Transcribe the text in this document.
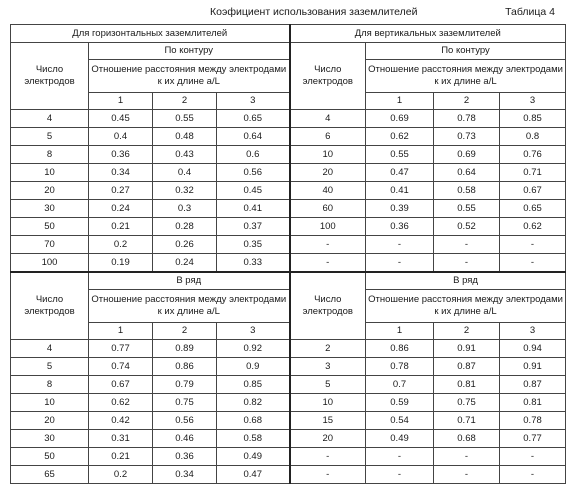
Коэфициент использования заземлителей	Таблица 4
Для горизонтальных заземлителей				Для вертикальных заземлителей			
Число электродов	По контуру			Число электродов	По контуру		
	Отношение расстояния между электродами к их длине a/L				Отношение расстояния между электродами к их длине a/L		
	1	2	3		1	2	3
4	0.45	0.55	0.65	4	0.69	0.78	0.85
5	0.4	0.48	0.64	6	0.62	0.73	0.8
8	0.36	0.43	0.6	10	0.55	0.69	0.76
10	0.34	0.4	0.56	20	0.47	0.64	0.71
20	0.27	0.32	0.45	40	0.41	0.58	0.67
30	0.24	0.3	0.41	60	0.39	0.55	0.65
50	0.21	0.28	0.37	100	0.36	0.52	0.62
70	0.2	0.26	0.35	-	-	-	-
100	0.19	0.24	0.33	-	-	-	-
Число электродов	В ряд			Число электродов	В ряд		
	Отношение расстояния между электродами к их длине a/L				Отношение расстояния между электродами к их длине a/L		
	1	2	3		1	2	3
4	0.77	0.89	0.92	2	0.86	0.91	0.94
5	0.74	0.86	0.9	3	0.78	0.87	0.91
8	0.67	0.79	0.85	5	0.7	0.81	0.87
10	0.62	0.75	0.82	10	0.59	0.75	0.81
20	0.42	0.56	0.68	15	0.54	0.71	0.78
30	0.31	0.46	0.58	20	0.49	0.68	0.77
50	0.21	0.36	0.49	-	-	-	-
65	0.2	0.34	0.47	-	-	-	-
